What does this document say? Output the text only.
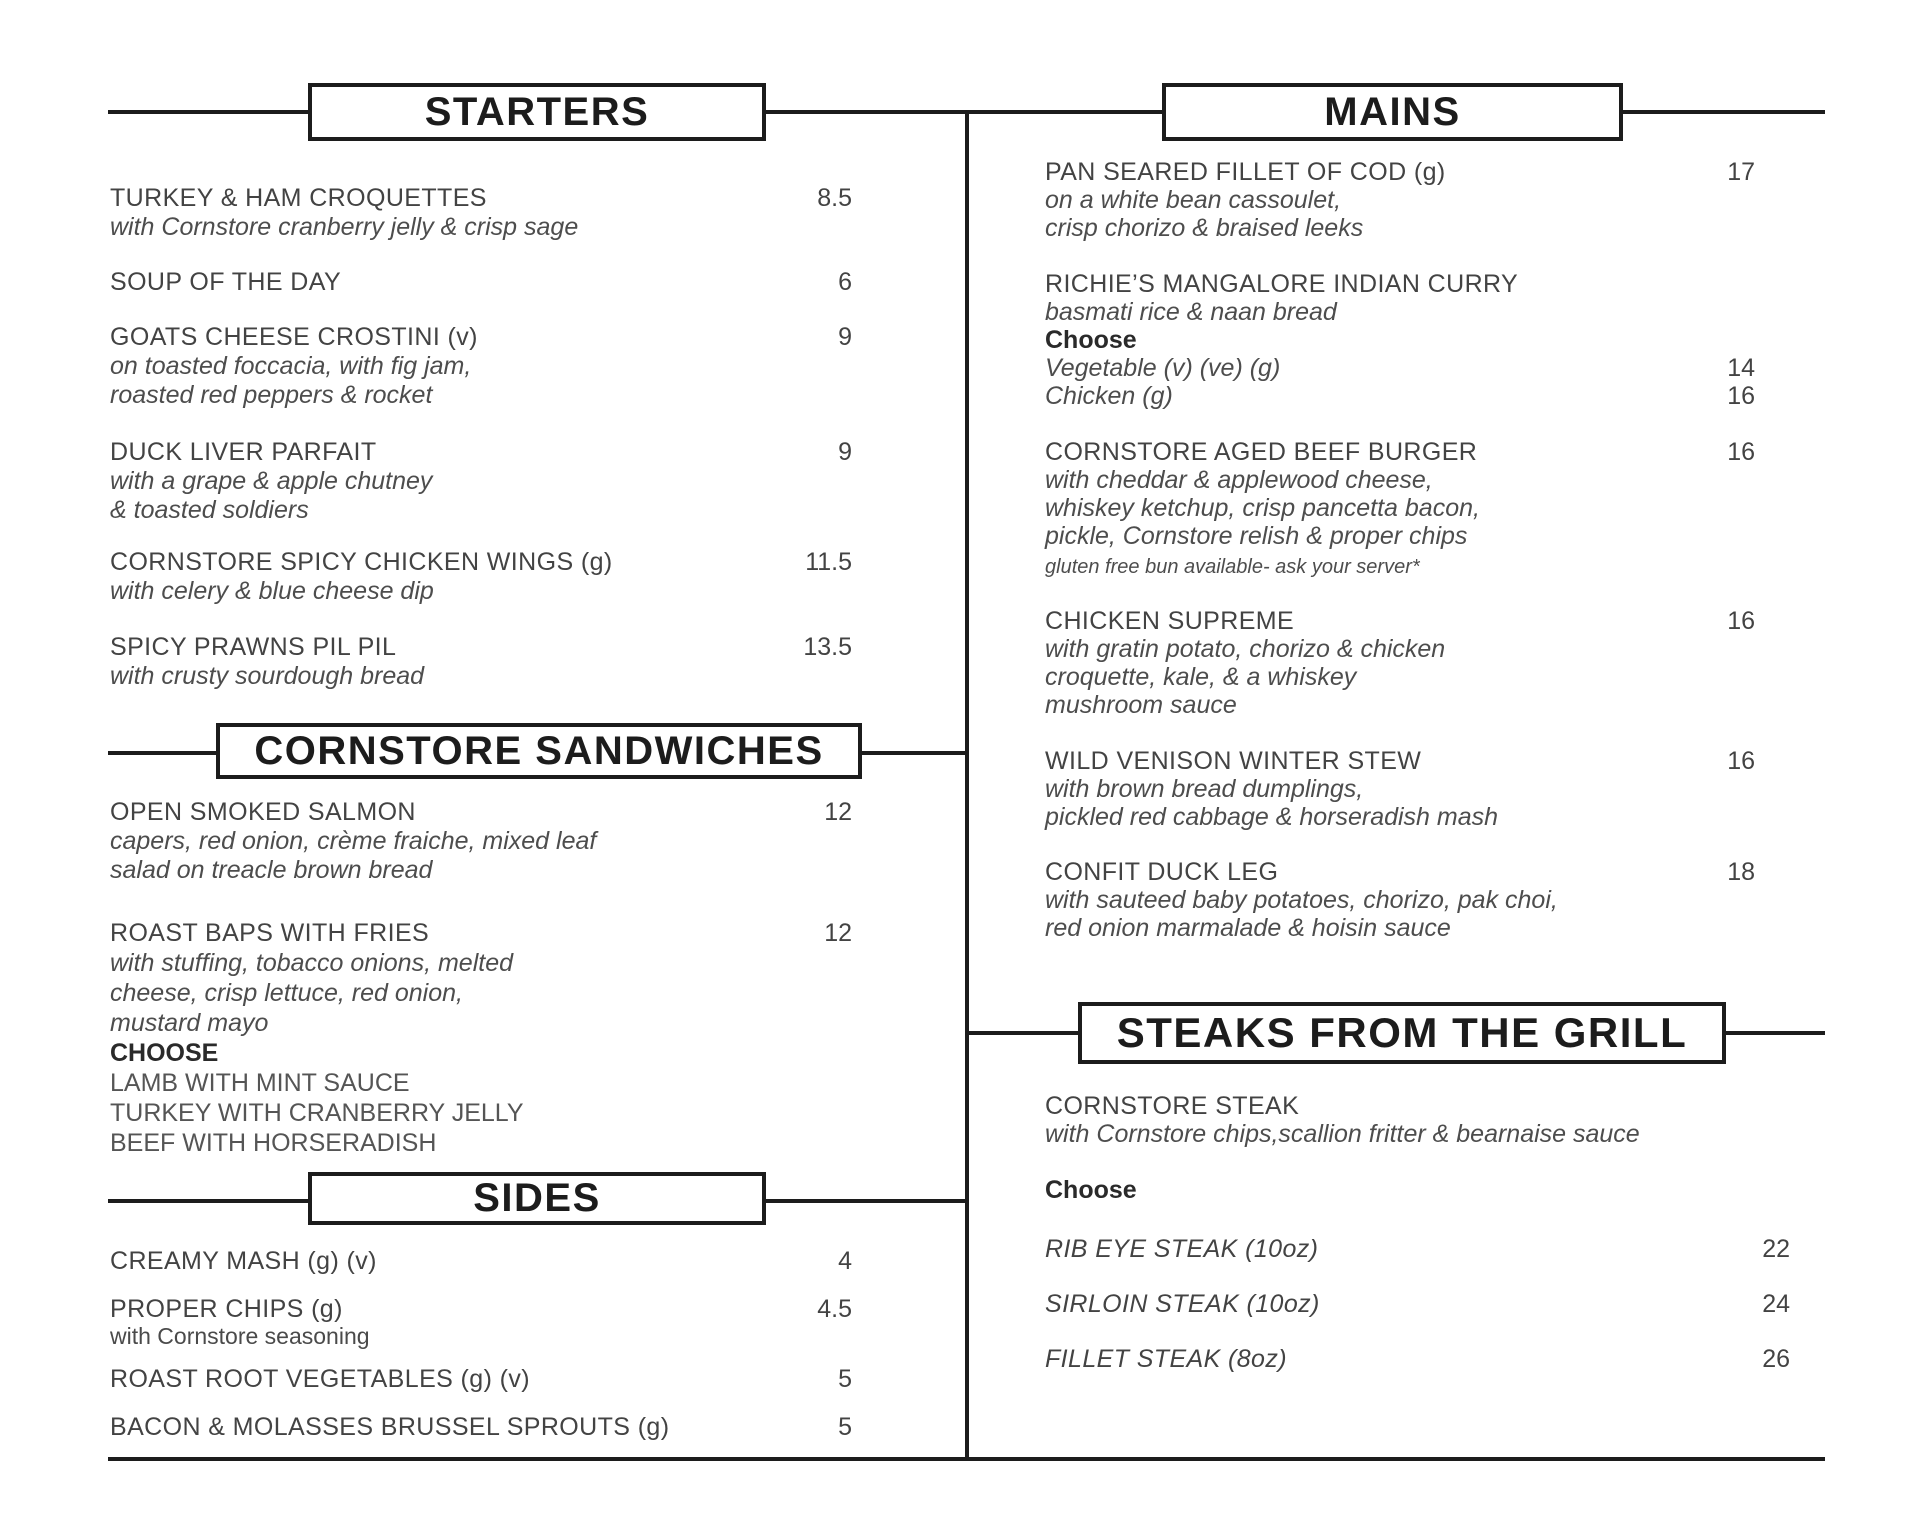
STARTERS	MAINS
CORNSTORE SANDWICHES
SIDES
STEAKS FROM THE GRILL
TURKEY & HAM CROQUETTES	8.5
with Cornstore cranberry jelly & crisp sage
SOUP OF THE DAY	6
GOATS CHEESE CROSTINI (v)	9
on toasted foccacia, with fig jam,
roasted red peppers & rocket
DUCK LIVER PARFAIT	9
with a grape & apple chutney
& toasted soldiers
CORNSTORE SPICY CHICKEN WINGS (g)	11.5
with celery & blue cheese dip
SPICY PRAWNS PIL PIL	13.5
with crusty sourdough bread
OPEN SMOKED SALMON	12
capers, red onion, crème fraiche, mixed leaf
salad on treacle brown bread
ROAST BAPS WITH FRIES	12
with stuffing, tobacco onions, melted
cheese, crisp lettuce, red onion,
mustard mayo
CHOOSE
LAMB WITH MINT SAUCE
TURKEY WITH CRANBERRY JELLY
BEEF WITH HORSERADISH
CREAMY MASH (g) (v)	4
PROPER CHIPS (g)	4.5
with Cornstore seasoning
ROAST ROOT VEGETABLES (g) (v)	5
BACON & MOLASSES BRUSSEL SPROUTS (g)	5
PAN SEARED FILLET OF COD (g)	17
on a white bean cassoulet,
crisp chorizo & braised leeks
RICHIE’S MANGALORE INDIAN CURRY
basmati rice & naan bread
Choose
Vegetable (v) (ve) (g)	14
Chicken (g)	16
CORNSTORE AGED BEEF BURGER	16
with cheddar & applewood cheese,
whiskey ketchup, crisp pancetta bacon,
pickle, Cornstore relish & proper chips
gluten free bun available- ask your server*
CHICKEN SUPREME	16
with gratin potato, chorizo & chicken
croquette, kale, & a whiskey
mushroom sauce
WILD VENISON WINTER STEW	16
with brown bread dumplings,
pickled red cabbage & horseradish mash
CONFIT DUCK LEG	18
with sauteed baby potatoes, chorizo, pak choi,
red onion marmalade & hoisin sauce
CORNSTORE STEAK
with Cornstore chips,scallion fritter & bearnaise sauce
Choose
RIB EYE STEAK (10oz)	22
SIRLOIN STEAK (10oz)	24
FILLET STEAK (8oz)	26
